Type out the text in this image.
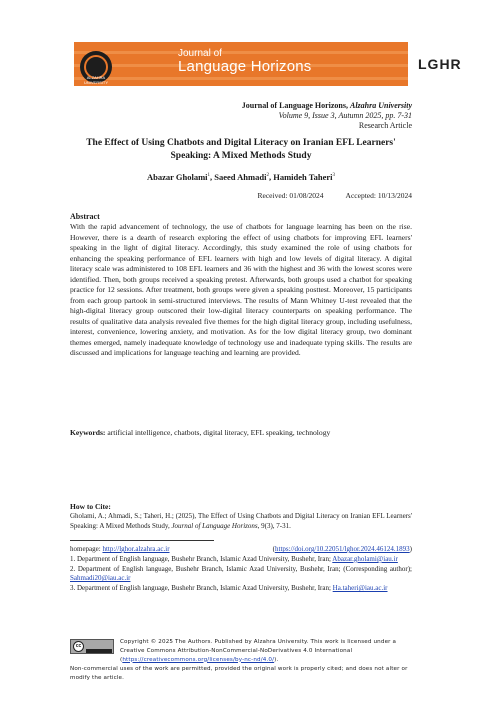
Journal of
Language Horizons
ALZAHRA UNIVERSITY
LGHR
Journal of Language Horizons, Alzahra University
Volume 9, Issue 3, Autumn 2025, pp. 7-31
Research Article
The Effect of Using Chatbots and Digital Literacy on Iranian EFL Learners' Speaking: A Mixed Methods Study
Abazar Gholami$^1$, Saeed Ahmadi$^2$, Hamideh Taheri$^3$
Received: 01/08/2024	Accepted: 10/13/2024
Abstract
With the rapid advancement of technology, the use of chatbots for language learning has been on the rise. However, there is a dearth of research exploring the effect of using chatbots for improving EFL learners' speaking in the light of digital literacy. Accordingly, this study examined the role of using chatbots for enhancing the speaking performance of EFL learners with high and low levels of digital literacy. A digital literacy scale was administered to 108 EFL learners and 36 with the highest and 36 with the lowest scores were identified. Then, both groups received a speaking pretest. Afterwards, both groups used a chatbot for speaking practice for 12 sessions. After treatment, both groups were given a speaking posttest. Moreover, 15 participants from each group partook in semi-structured interviews. The results of Mann Whitney U-test revealed that the high-digital literacy group outscored their low-digital literacy counterparts on speaking performance. The results of qualitative data analysis revealed five themes for the high digital literacy group, including usefulness, interest, convenience, lowering anxiety, and motivation. As for the low digital literacy group, two dominant themes emerged, namely inadequate knowledge of technology use and inadequate typing skills. The results are discussed and implications for language teaching and learning are provided.
Keywords: artificial intelligence, chatbots, digital literacy, EFL speaking, technology
How to Cite:
Gholami, A.; Ahmadi, S.; Taheri, H.; (2025), The Effect of Using Chatbots and Digital Literacy on Iranian EFL Learners' Speaking: A Mixed Methods Study, Journal of Language Horizons, 9(3), 7-31.

homepage: http://lghor.alzahra.ac.ir	(https://doi.org/10.22051/lghor.2024.46124.1893)

1. Department of English language, Bushehr Branch, Islamic Azad University, Bushehr, Iran; Abazar.gholami@iau.ir

2. Department of English language, Bushehr Branch, Islamic Azad University, Bushehr, Iran; (Corresponding author); Sahmadi20@iau.ac.ir

3. Department of English language, Bushehr Branch, Islamic Azad University, Bushehr, Iran; Ha.taheri@iau.ac.ir

cc
Copyright © 2025 The Authors. Published by Alzahra University. This work is licensed under a Creative Commons Attribution-NonCommercial-NoDerivatives 4.0 International (https://creativecommons.org/licenses/by-nc-nd/4.0/).
Non-commercial uses of the work are permitted, provided the original work is properly cited; and does not alter or modify the article.
